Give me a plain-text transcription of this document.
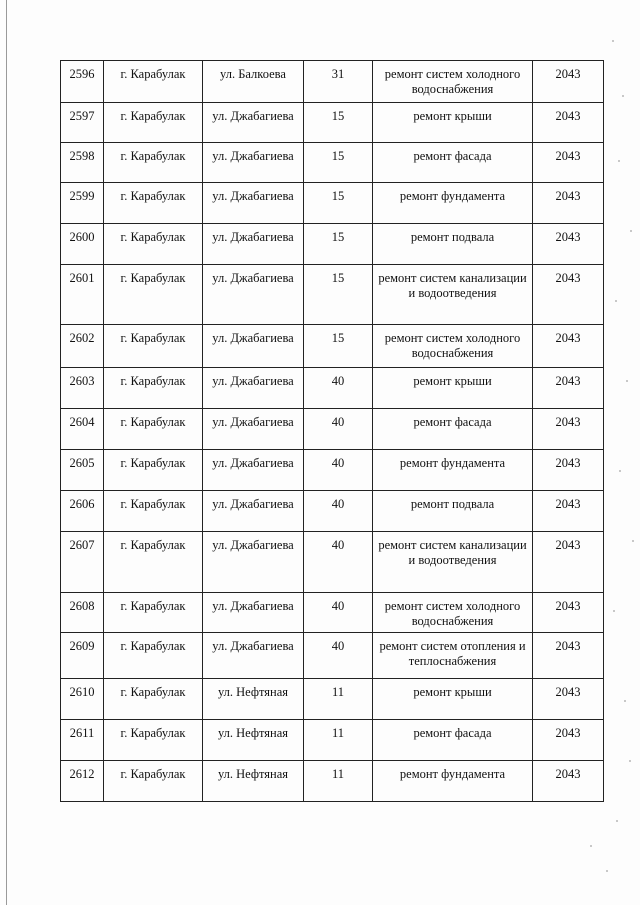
2596	г. Карабулак	ул. Балкоева	31	ремонт систем холодного водоснабжения	2043
2597	г. Карабулак	ул. Джабагиева	15	ремонт крыши	2043
2598	г. Карабулак	ул. Джабагиева	15	ремонт фасада	2043
2599	г. Карабулак	ул. Джабагиева	15	ремонт фундамента	2043
2600	г. Карабулак	ул. Джабагиева	15	ремонт подвала	2043
2601	г. Карабулак	ул. Джабагиева	15	ремонт систем канализации и водоотведения	2043
2602	г. Карабулак	ул. Джабагиева	15	ремонт систем холодного водоснабжения	2043
2603	г. Карабулак	ул. Джабагиева	40	ремонт крыши	2043
2604	г. Карабулак	ул. Джабагиева	40	ремонт фасада	2043
2605	г. Карабулак	ул. Джабагиева	40	ремонт фундамента	2043
2606	г. Карабулак	ул. Джабагиева	40	ремонт подвала	2043
2607	г. Карабулак	ул. Джабагиева	40	ремонт систем канализации и водоотведения	2043
2608	г. Карабулак	ул. Джабагиева	40	ремонт систем холодного водоснабжения	2043
2609	г. Карабулак	ул. Джабагиева	40	ремонт систем отопления и теплоснабжения	2043
2610	г. Карабулак	ул. Нефтяная	11	ремонт крыши	2043
2611	г. Карабулак	ул. Нефтяная	11	ремонт фасада	2043
2612	г. Карабулак	ул. Нефтяная	11	ремонт фундамента	2043
